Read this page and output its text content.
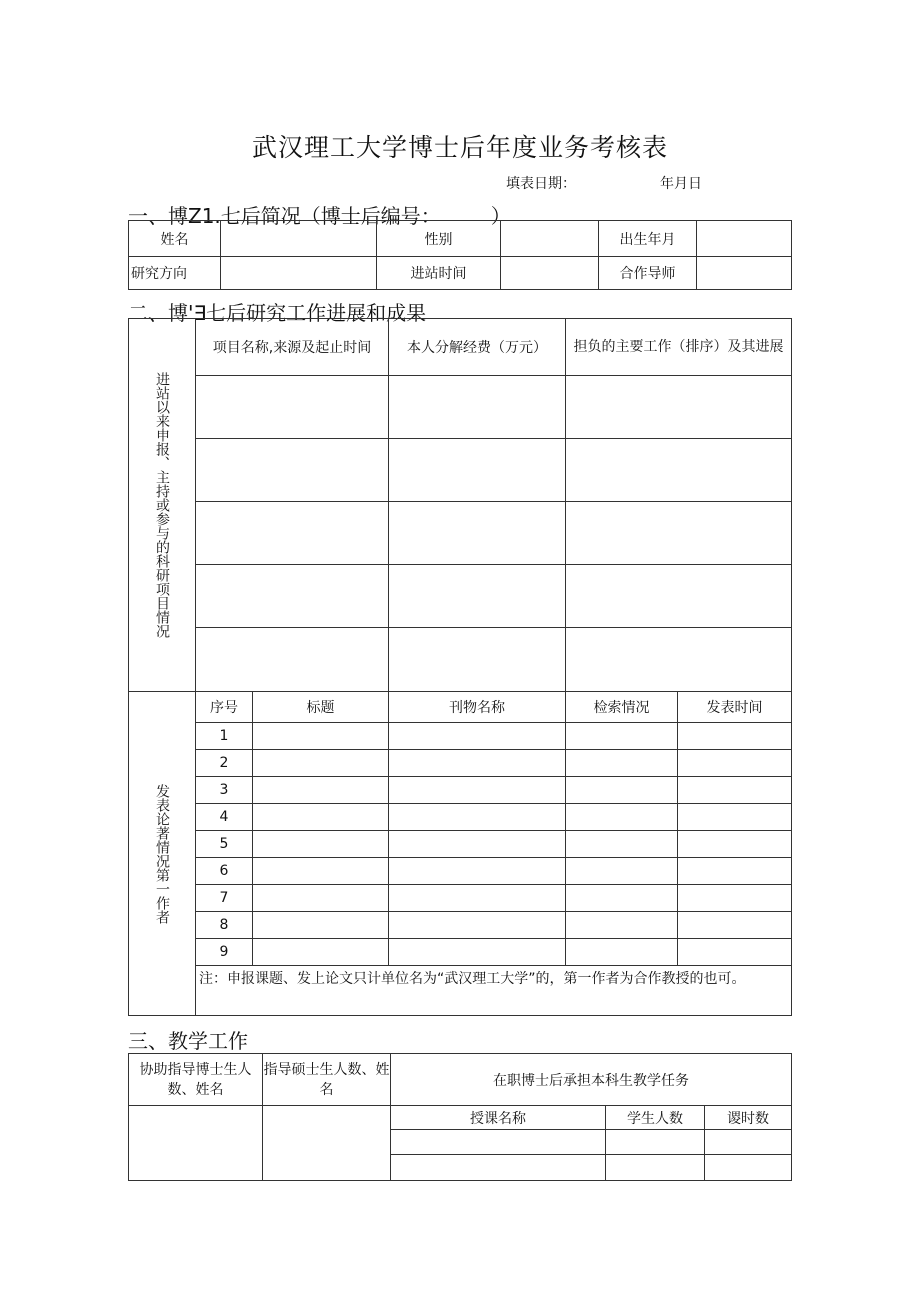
武汉理工大学博士后年度业务考核表
填表日期：	年月日
一、博Z1.七后简况（博士后编号：　　　）
姓名		性别		出生年月	
研究方向		进站时间		合作导师	
二、博'∃七后研究工作进展和成果
进站以来申报、主持或参与的科研项目情况	项目名称,来源及起止时间		本人分解经费（万元）	担负的主要工作（排序）及其进展	

发表论著情况第一作者	序号	标题	刊物名称	检索情况	发表时间
	1				
	2				
	3				
	4				
	5				
	6				
	7				
	8				
	9				
	注：申报课题、发上论文只计单位名为“武汉理工大学”的，第一作者为合作教授的也可。				
三、教学工作
协助指导博士生人数、姓名	指导硕士生人数、姓名	在职博士后承担本科生教学任务		
		授课名称	学生人数	谡时数
